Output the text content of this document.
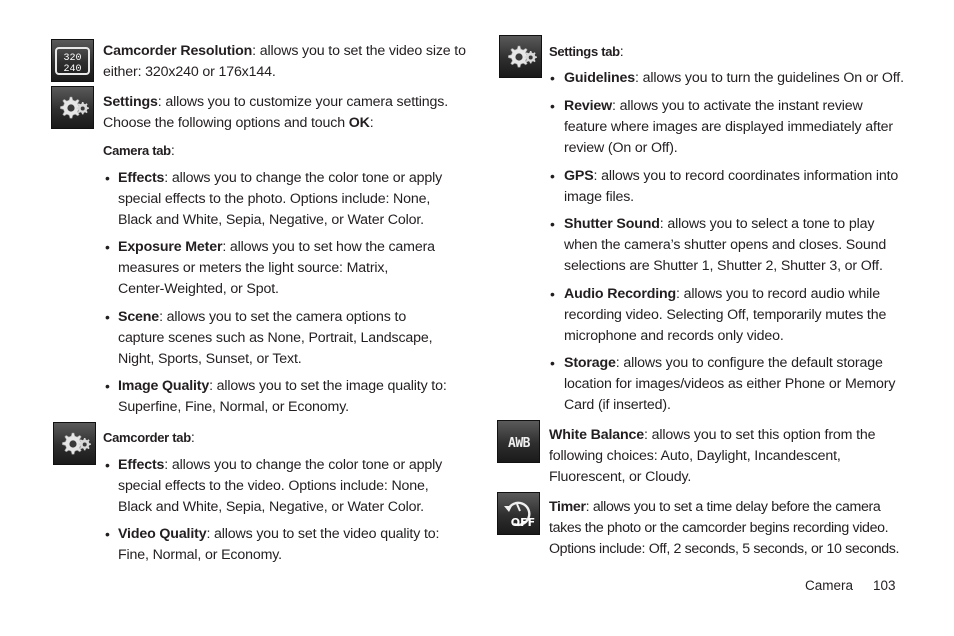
320
240

Camcorder Resolution: allows you to set the video size to
either: 320x240 or 176x144.

Settings: allows you to customize your camera settings.
Choose the following options and touch OK:

Camera tab:

• Effects: allows you to change the color tone or apply
special effects to the photo. Options include: None,
Black and White, Sepia, Negative, or Water Color.

• Exposure Meter: allows you to set how the camera
measures or meters the light source: Matrix,
Center-Weighted, or Spot.

• Scene: allows you to set the camera options to
capture scenes such as None, Portrait, Landscape,
Night, Sports, Sunset, or Text.

• Image Quality: allows you to set the image quality to:
Superfine, Fine, Normal, or Economy.

Camcorder tab:

• Effects: allows you to change the color tone or apply
special effects to the video. Options include: None,
Black and White, Sepia, Negative, or Water Color.

• Video Quality: allows you to set the video quality to:
Fine, Normal, or Economy.

Settings tab:

• Guidelines: allows you to turn the guidelines On or Off.

• Review: allows you to activate the instant review
feature where images are displayed immediately after
review (On or Off).

• GPS: allows you to record coordinates information into
image files.

• Shutter Sound: allows you to select a tone to play
when the camera’s shutter opens and closes. Sound
selections are Shutter 1, Shutter 2, Shutter 3, or Off.

• Audio Recording: allows you to record audio while
recording video. Selecting Off, temporarily mutes the
microphone and records only video.

• Storage: allows you to configure the default storage
location for images/videos as either Phone or Memory
Card (if inserted).

AWB White Balance: allows you to set this option from the
following choices: Auto, Daylight, Incandescent,
Fluorescent, or Cloudy.

OFF

Timer: allows you to set a time delay before the camera
takes the photo or the camcorder begins recording video.
Options include: Off, 2 seconds, 5 seconds, or 10 seconds.

Camera 103
